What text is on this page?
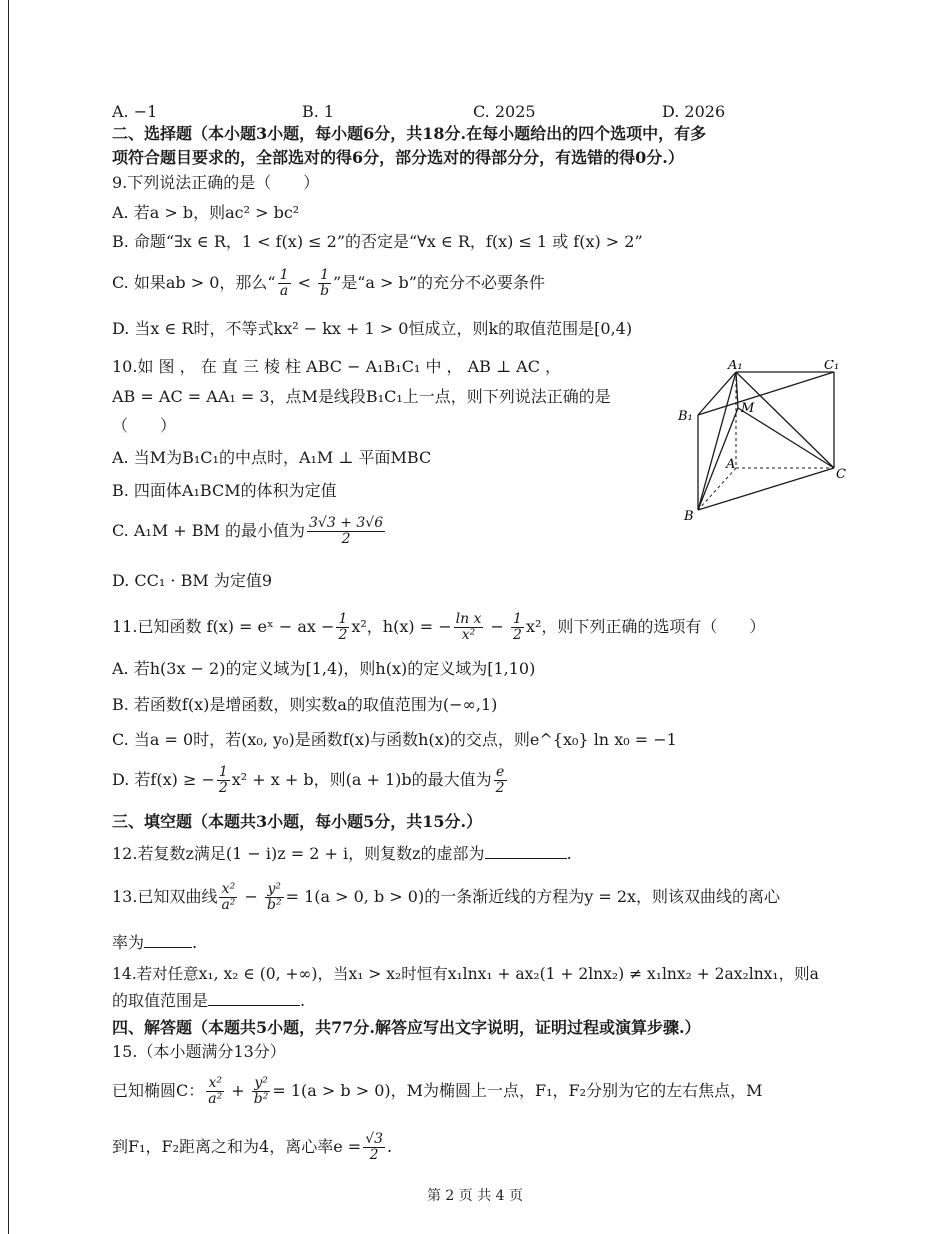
A. −1	B. 1	C. 2025	D. 2026
二、选择题（本小题3小题，每小题6分，共18分.在每小题给出的四个选项中，有多
项符合题目要求的，全部选对的得6分，部分选对的得部分分，有选错的得0分.）
9.下列说法正确的是（　　）
A. 若a > b，则ac² > bc²
B. 命题“∃x ∈ R，1 < f(x) ≤ 2”的否定是“∀x ∈ R，f(x) ≤ 1 或 f(x) > 2”
C. 如果ab > 0，那么“ $\frac{1}{a} < \frac{1}{b}$ ”是“a > b”的充分不必要条件
D. 当x ∈ R时，不等式kx² − kx + 1 > 0恒成立，则k的取值范围是[0,4)
10.如 图 ， 在 直 三 棱 柱 ABC − A₁B₁C₁ 中 ， AB ⊥ AC ，
AB = AC = AA₁ = 3，点M是线段B₁C₁上一点，则下列说法正确的是
（　　）
A. 当M为B₁C₁的中点时，A₁M ⊥ 平面MBC
B. 四面体A₁BCM的体积为定值
C. A₁M + BM 的最小值为 $\frac{3√3 + 3√6}{2}$
D. CC₁ · BM 为定值9
A₁	C₁
B₁
M
A
C
B
11.已知函数 f(x) = eˣ − ax − $\frac{1}{2} x^2$，h(x) = − $\frac{\text{ln x}}{\text{x²}} - \frac{1}{2} x^2$，则下列正确的选项有（　　）
A. 若h(3x − 2)的定义域为[1,4)，则h(x)的定义域为[1,10)
B. 若函数f(x)是增函数，则实数a的取值范围为(−∞,1)
C. 当a = 0时，若(x₀, y₀)是函数f(x)与函数h(x)的交点，则e^{x₀} ln x₀ = −1
D. 若f(x) ≥ − $\frac{1}{2} x^2 + x + b$，则(a + 1)b的最大值为 $\frac{e}{2}$
三、填空题（本题共3小题，每小题5分，共15分.）
12.若复数z满足(1 − i)z = 2 + i，则复数z的虚部为	.
13.已知双曲线 $\frac{\text{x²}}{\text{a²}} - \frac{\text{y²}}{\text{b²}} = 1(a > 0$, b > 0)的一条渐近线的方程为y = 2x，则该双曲线的离心
率为	.
14.若对任意x₁, x₂ ∈ (0, +∞)，当x₁ > x₂时恒有x₁lnx₁ + ax₂(1 + 2lnx₂) ≠ x₁lnx₂ + 2ax₂lnx₁，则a
的取值范围是	.
四、解答题（本题共5小题，共77分.解答应写出文字说明，证明过程或演算步骤.）
15.（本小题满分13分）
已知椭圆C： $\frac{\text{x²}}{\text{a²}} + \frac{\text{y²}}{\text{b²}} = 1(a > b > 0)$，M为椭圆上一点，F₁，F₂分别为它的左右焦点，M
到F₁，F₂距离之和为4，离心率$e = \frac{√3}{2}$ .
第 2 页 共 4 页
